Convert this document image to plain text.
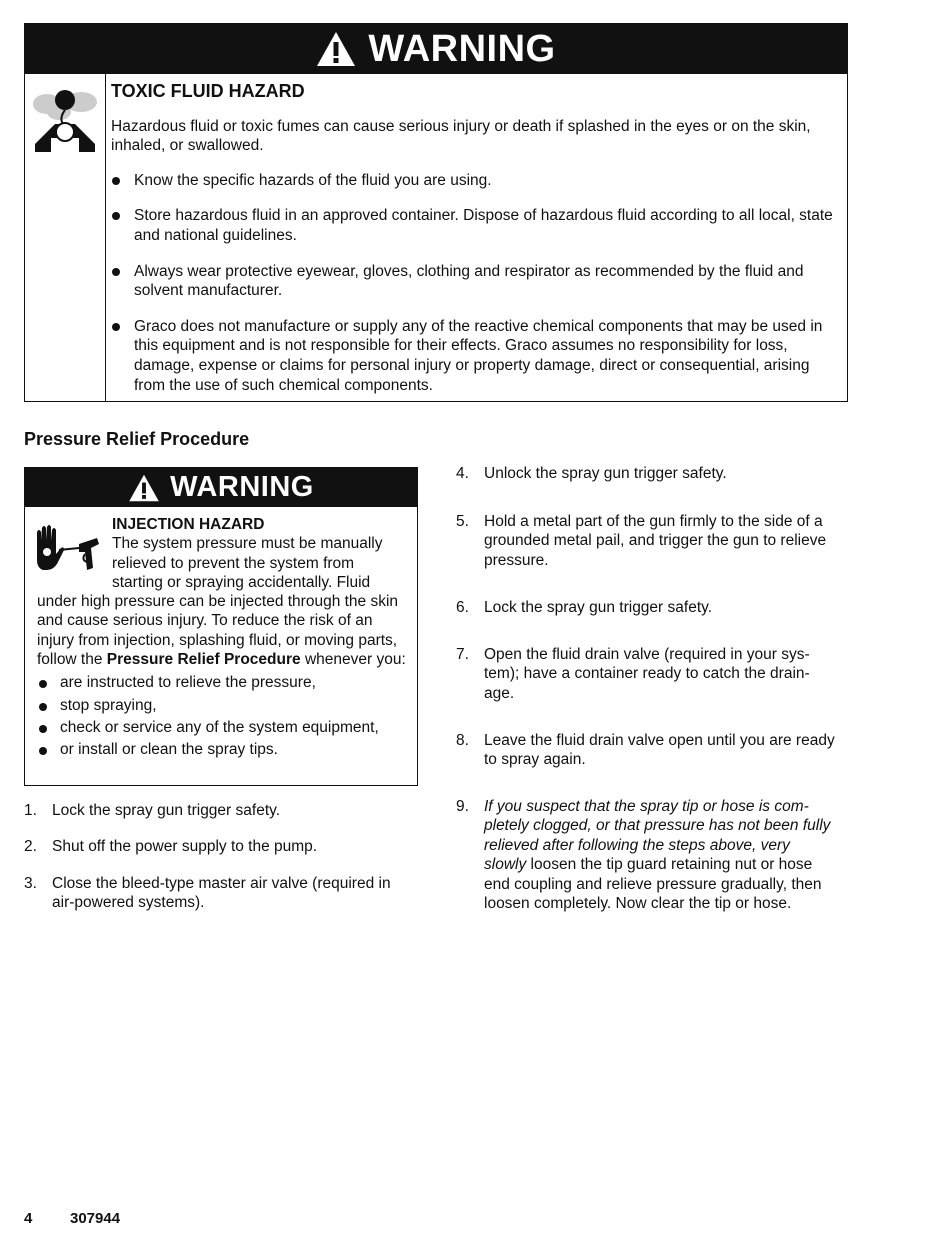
WARNING
TOXIC FLUID HAZARD
Hazardous fluid or toxic fumes can cause serious injury or death if splashed in the eyes or on the skin, inhaled, or swallowed.
Know the specific hazards of the fluid you are using.
Store hazardous fluid in an approved container. Dispose of hazardous fluid according to all local, state and national guidelines.
Always wear protective eyewear, gloves, clothing and respirator as recommended by the fluid and solvent manufacturer.
Graco does not manufacture or supply any of the reactive chemical components that may be used in this equipment and is not responsible for their effects. Graco assumes no responsibility for loss, damage, expense or claims for personal injury or property damage, direct or consequential, arising from the use of such chemical components.
Pressure Relief Procedure
WARNING
INJECTION HAZARD
The system pressure must be manually
relieved to prevent the system from
starting or spraying accidentally. Fluid
under high pressure can be injected through the skin and cause serious injury. To reduce the risk of an injury from injection, splashing fluid, or moving parts, follow the Pressure Relief Procedure whenever you:
are instructed to relieve the pressure,
stop spraying,
check or service any of the system equipment,
or install or clean the spray tips.
1. Lock the spray gun trigger safety.
2. Shut off the power supply to the pump.
3. Close the bleed-type master air valve (required in
air-powered systems).
4. Unlock the spray gun trigger safety.
5. Hold a metal part of the gun firmly to the side of a
grounded metal pail, and trigger the gun to relieve
pressure.
6. Lock the spray gun trigger safety.
7. Open the fluid drain valve (required in your sys-
tem); have a container ready to catch the drain-
age.
8. Leave the fluid drain valve open until you are ready
to spray again.
9. If you suspect that the spray tip or hose is com-
pletely clogged, or that pressure has not been fully
relieved after following the steps above, very
slowly loosen the tip guard retaining nut or hose
end coupling and relieve pressure gradually, then
loosen completely. Now clear the tip or hose.
4	307944
